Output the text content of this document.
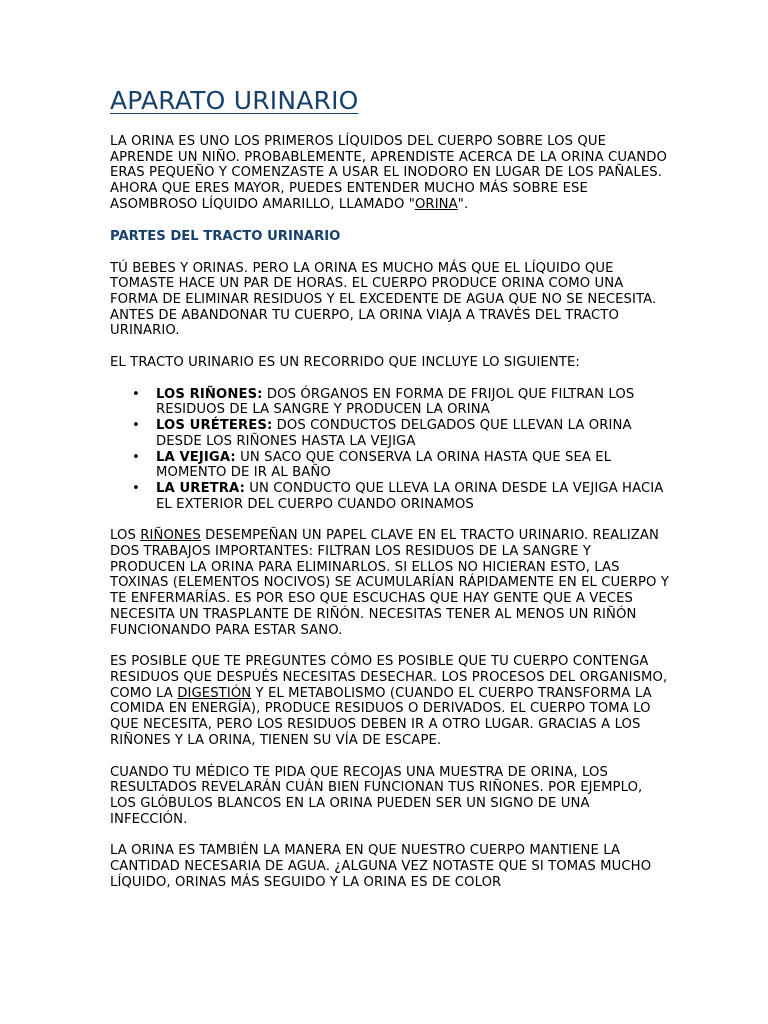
APARATO URINARIO

LA ORINA ES UNO LOS PRIMEROS LÍQUIDOS DEL CUERPO SOBRE LOS QUE APRENDE UN NIÑO. PROBABLEMENTE, APRENDISTE ACERCA DE LA ORINA CUANDO ERAS PEQUEÑO Y COMENZASTE A USAR EL INODORO EN LUGAR DE LOS PAÑALES. AHORA QUE ERES MAYOR, PUEDES ENTENDER MUCHO MÁS SOBRE ESE ASOMBROSO LÍQUIDO AMARILLO, LLAMADO "ORINA".

PARTES DEL TRACTO URINARIO

TÚ BEBES Y ORINAS. PERO LA ORINA ES MUCHO MÁS QUE EL LÍQUIDO QUE TOMASTE HACE UN PAR DE HORAS. EL CUERPO PRODUCE ORINA COMO UNA FORMA DE ELIMINAR RESIDUOS Y EL EXCEDENTE DE AGUA QUE NO SE NECESITA. ANTES DE ABANDONAR TU CUERPO, LA ORINA VIAJA A TRAVÉS DEL TRACTO URINARIO.

EL TRACTO URINARIO ES UN RECORRIDO QUE INCLUYE LO SIGUIENTE:

• LOS RIÑONES: DOS ÓRGANOS EN FORMA DE FRIJOL QUE FILTRAN LOS RESIDUOS DE LA SANGRE Y PRODUCEN LA ORINA
• LOS URÉTERES: DOS CONDUCTOS DELGADOS QUE LLEVAN LA ORINA DESDE LOS RIÑONES HASTA LA VEJIGA
• LA VEJIGA: UN SACO QUE CONSERVA LA ORINA HASTA QUE SEA EL MOMENTO DE IR AL BAÑO
• LA URETRA: UN CONDUCTO QUE LLEVA LA ORINA DESDE LA VEJIGA HACIA EL EXTERIOR DEL CUERPO CUANDO ORINAMOS

LOS RIÑONES DESEMPEÑAN UN PAPEL CLAVE EN EL TRACTO URINARIO. REALIZAN DOS TRABAJOS IMPORTANTES: FILTRAN LOS RESIDUOS DE LA SANGRE Y PRODUCEN LA ORINA PARA ELIMINARLOS. SI ELLOS NO HICIERAN ESTO, LAS TOXINAS (ELEMENTOS NOCIVOS) SE ACUMULARÍAN RÁPIDAMENTE EN EL CUERPO Y TE ENFERMARÍAS. ES POR ESO QUE ESCUCHAS QUE HAY GENTE QUE A VECES NECESITA UN TRASPLANTE DE RIÑÓN. NECESITAS TENER AL MENOS UN RIÑÓN FUNCIONANDO PARA ESTAR SANO.

ES POSIBLE QUE TE PREGUNTES CÓMO ES POSIBLE QUE TU CUERPO CONTENGA RESIDUOS QUE DESPUÉS NECESITAS DESECHAR. LOS PROCESOS DEL ORGANISMO, COMO LA DIGESTIÓN Y EL METABOLISMO (CUANDO EL CUERPO TRANSFORMA LA COMIDA EN ENERGÍA), PRODUCE RESIDUOS O DERIVADOS. EL CUERPO TOMA LO QUE NECESITA, PERO LOS RESIDUOS DEBEN IR A OTRO LUGAR. GRACIAS A LOS RIÑONES Y LA ORINA, TIENEN SU VÍA DE ESCAPE.

CUANDO TU MÉDICO TE PIDA QUE RECOJAS UNA MUESTRA DE ORINA, LOS RESULTADOS REVELARÁN CUÁN BIEN FUNCIONAN TUS RIÑONES. POR EJEMPLO, LOS GLÓBULOS BLANCOS EN LA ORINA PUEDEN SER UN SIGNO DE UNA INFECCIÓN.

LA ORINA ES TAMBIÉN LA MANERA EN QUE NUESTRO CUERPO MANTIENE LA CANTIDAD NECESARIA DE AGUA. ¿ALGUNA VEZ NOTASTE QUE SI TOMAS MUCHO LÍQUIDO, ORINAS MÁS SEGUIDO Y LA ORINA ES DE COLOR
